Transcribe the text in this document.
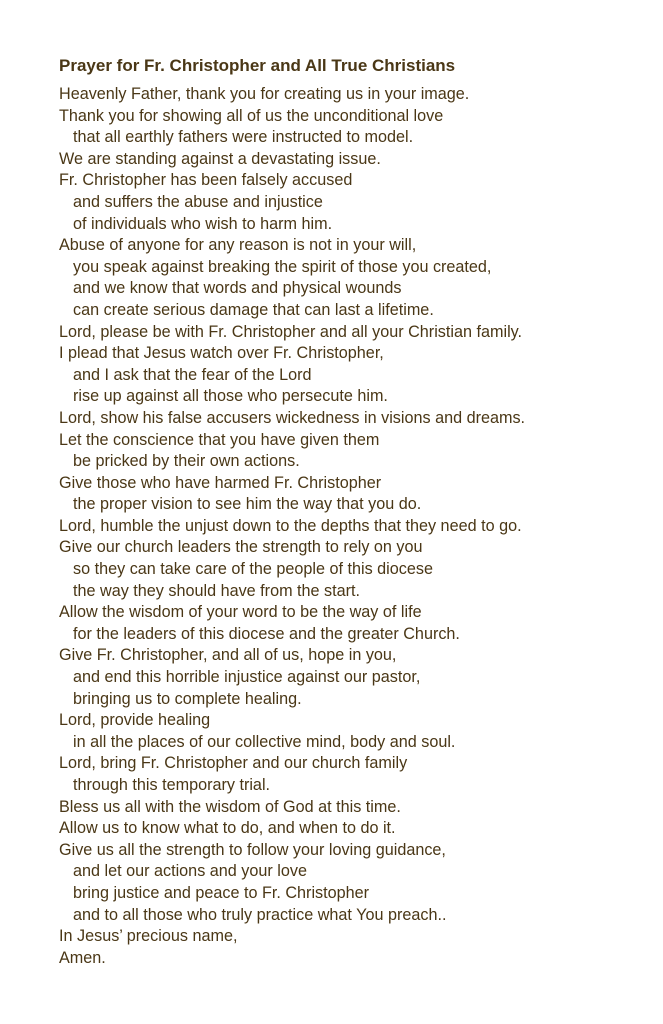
Prayer for Fr. Christopher and All True Christians
Heavenly Father, thank you for creating us in your image.
Thank you for showing all of us the unconditional love
that all earthly fathers were instructed to model.
We are standing against a devastating issue.
Fr. Christopher has been falsely accused
and suffers the abuse and injustice
of individuals who wish to harm him.
Abuse of anyone for any reason is not in your will,
you speak against breaking the spirit of those you created,
and we know that words and physical wounds
can create serious damage that can last a lifetime.
Lord, please be with Fr. Christopher and all your Christian family.
I plead that Jesus watch over Fr. Christopher,
and I ask that the fear of the Lord
rise up against all those who persecute him.
Lord, show his false accusers wickedness in visions and dreams.
Let the conscience that you have given them
be pricked by their own actions.
Give those who have harmed Fr. Christopher
the proper vision to see him the way that you do.
Lord, humble the unjust down to the depths that they need to go.
Give our church leaders the strength to rely on you
so they can take care of the people of this diocese
the way they should have from the start.
Allow the wisdom of your word to be the way of life
for the leaders of this diocese and the greater Church.
Give Fr. Christopher, and all of us, hope in you,
and end this horrible injustice against our pastor,
bringing us to complete healing.
Lord, provide healing
in all the places of our collective mind, body and soul.
Lord, bring Fr. Christopher and our church family
through this temporary trial.
Bless us all with the wisdom of God at this time.
Allow us to know what to do, and when to do it.
Give us all the strength to follow your loving guidance,
and let our actions and your love
bring justice and peace to Fr. Christopher
and to all those who truly practice what You preach..
In Jesus’ precious name,
Amen.
